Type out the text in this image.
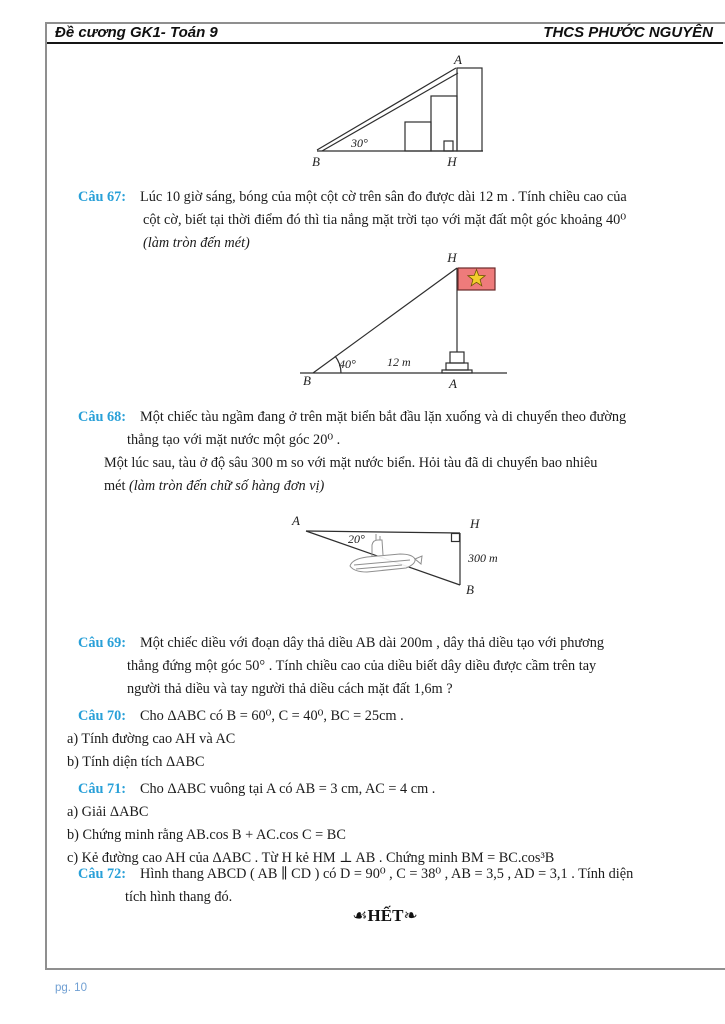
Đề cương GK1- Toán 9	THCS PHƯỚC NGUYÊN
A
B	H
30°
Câu 67: Lúc 10 giờ sáng, bóng của một cột cờ trên sân đo được dài 12 m . Tính chiều cao của
cột cờ, biết tại thời điểm đó thì tia nắng mặt trời tạo với mặt đất một góc khoảng 40⁰
(làm tròn đến mét)
H
B	A
40°	12 m
Câu 68: Một chiếc tàu ngầm đang ở trên mặt biển bắt đầu lặn xuống và di chuyển theo đường
thẳng tạo với mặt nước một góc 20⁰ .
Một lúc sau, tàu ở độ sâu 300 m so với mặt nước biển. Hỏi tàu đã di chuyển bao nhiêu
mét (làm tròn đến chữ số hàng đơn vị)
A	H
B
20°
300 m
Câu 69: Một chiếc diều với đoạn dây thả diều AB dài 200m , dây thả diều tạo với phương
thẳng đứng một góc 50° . Tính chiều cao của diều biết dây diều được cầm trên tay
người thả diều và tay người thả diều cách mặt đất 1,6m ?
Câu 70: Cho ΔABC có B = 60⁰, C = 40⁰, BC = 25cm .
a) Tính đường cao AH và AC
b) Tính diện tích ΔABC
Câu 71: Cho ΔABC vuông tại A có AB = 3 cm, AC = 4 cm .
a) Giải ΔABC
b) Chứng minh rằng AB.cos B + AC.cos C = BC
c) Kẻ đường cao AH của ΔABC . Từ H kẻ HM ⊥ AB . Chứng minh BM = BC.cos³B
Câu 72: Hình thang ABCD ( AB ∥ CD ) có D = 90⁰ , C = 38⁰ , AB = 3,5 , AD = 3,1 . Tính diện
tích hình thang đó.
☙HẾT❧
pg. 10
